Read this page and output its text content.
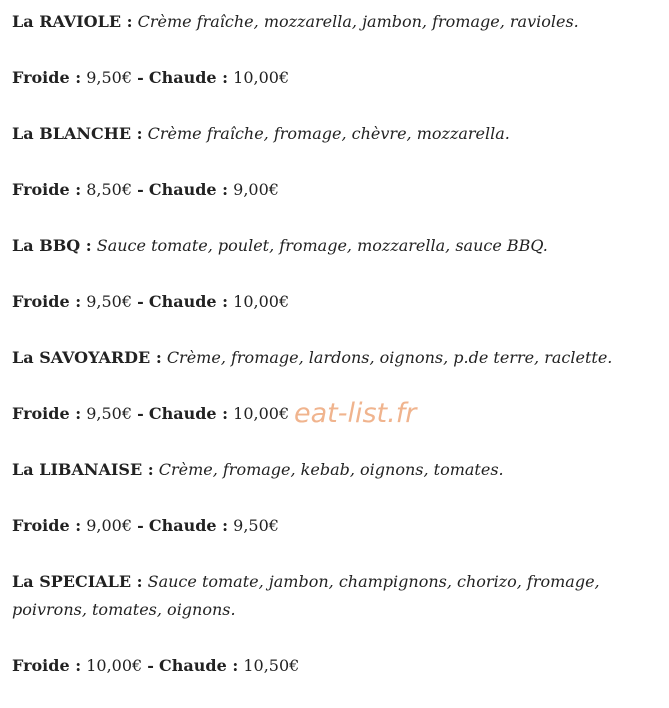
La RAVIOLE : Crème fraîche, mozzarella, jambon, fromage, ravioles.

Froide : 9,50€ - Chaude : 10,00€

La BLANCHE : Crème fraîche, fromage, chèvre, mozzarella.

Froide : 8,50€ - Chaude : 9,00€

La BBQ : Sauce tomate, poulet, fromage, mozzarella, sauce BBQ.

Froide : 9,50€ - Chaude : 10,00€

La SAVOYARDE : Crème, fromage, lardons, oignons, p.de terre, raclette.

Froide : 9,50€ - Chaude : 10,00€

La LIBANAISE : Crème, fromage, kebab, oignons, tomates.

Froide : 9,00€ - Chaude : 9,50€

La SPECIALE : Sauce tomate, jambon, champignons, chorizo, fromage, poivrons, tomates, oignons.

Froide : 10,00€ - Chaude : 10,50€

eat-list.fr
